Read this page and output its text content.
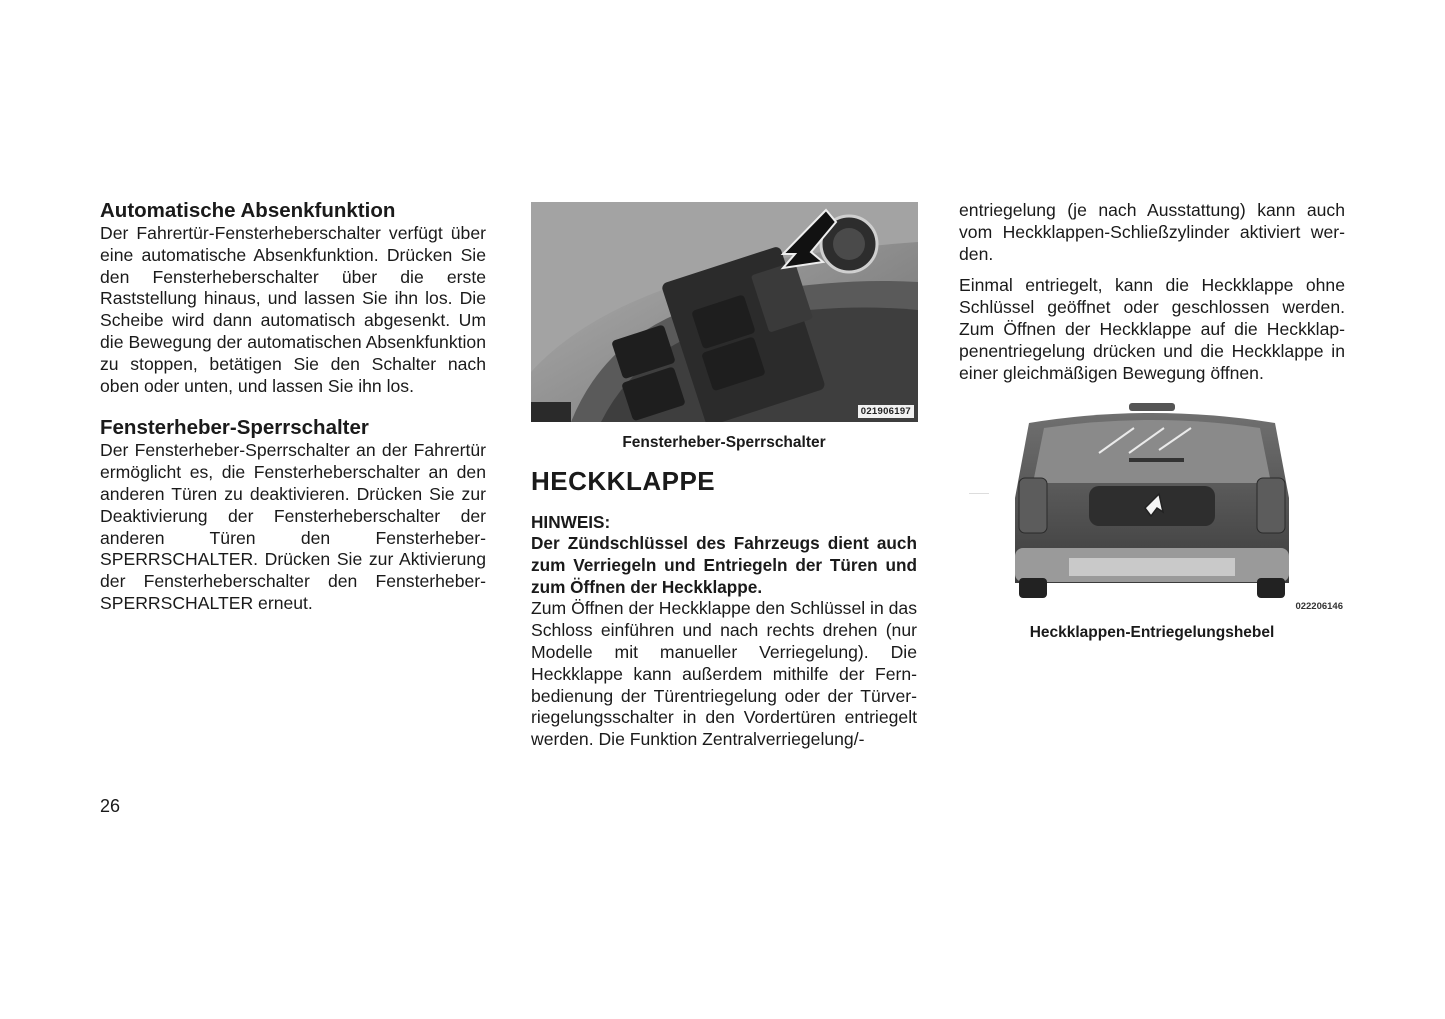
Automatische Absenkfunktion

Der Fahrertür-Fensterheberschalter verfügt über eine automatische Absenkfunktion. Drücken Sie den Fensterheberschalter über die erste Raststellung hinaus, und lassen Sie ihn los. Die Scheibe wird dann automatisch abgesenkt. Um die Bewegung der automatischen Absenkfunktion zu stoppen, betätigen Sie den Schalter nach oben oder unten, und lassen Sie ihn los.

Fensterheber-Sperrschalter

Der Fensterheber-Sperrschalter an der Fahrertür ermöglicht es, die Fensterheberschalter an den anderen Türen zu deaktivieren. Drücken Sie zur Deaktivierung der Fensterheberschalter der anderen Türen den Fensterheber-SPERRSCHALTER. Drücken Sie zur Aktivierung der Fensterheberschalter den Fensterheber-SPERRSCHALTER erneut.

021906197

Fensterheber-Sperrschalter

HECKKLAPPE

HINWEIS:

Der Zündschlüssel des Fahrzeugs dient auch zum Verriegeln und Entriegeln der Türen und zum Öffnen der Heckklappe.

Zum Öffnen der Heckklappe den Schlüssel in das Schloss einführen und nach rechts drehen (nur Modelle mit manueller Verriegelung). Die Heckklappe kann außerdem mithilfe der Fernbedienung der Türentriegelung oder der Türverriegelungsschalter in den Vordertüren entriegelt werden. Die Funktion Zentralverriegelung/-

entriegelung (je nach Ausstattung) kann auch vom Heckklappen-Schließzylinder aktiviert werden.

Einmal entriegelt, kann die Heckklappe ohne Schlüssel geöffnet oder geschlossen werden. Zum Öffnen der Heckklappe auf die Heckklappenentriegelung drücken und die Heckklappe in einer gleichmäßigen Bewegung öffnen.

022206146

Heckklappen-Entriegelungshebel

26
